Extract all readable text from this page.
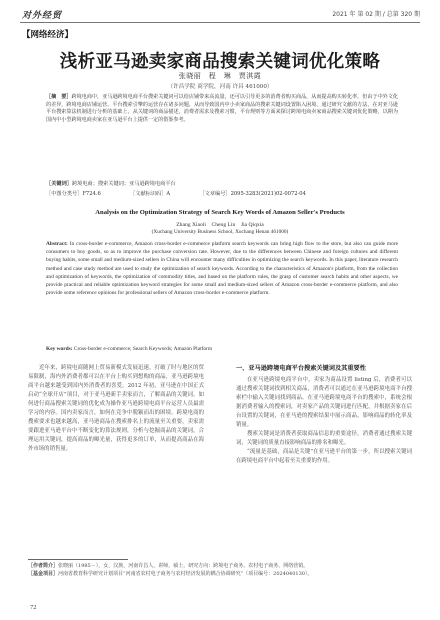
对外经贸	2021 年 第 02 期 / 总第 320 期
【网络经济】
浅析亚马逊卖家商品搜索关键词优化策略
张晓丽　程　琳　贾淇霞
（许昌学院 商学院，河南 许昌 461000）
［摘　要］跨境电商中，亚马逊跨境电商平台搜索关键词可以给店铺带来高流量，还可以引导更多的消费者购买商品，从而提高购买转化率，但由于中外文化的差异，跨境电商店铺运营、平台搜索引擎的运营存在诸多问题，从而导致国内中小卖家商品的搜索关键词设置陷入困境。通过研究文献的方法，在对亚马逊平台搜索算法机制进行分析的基础上，从关键词的商品描述，消费者需求及搜索习惯，平台规则等方面来探讨跨境电商卖家商品搜索关键词优化策略，以期为国内中小型跨境电商卖家在亚马逊平台上提供一定的借鉴参考。
［关键词］跨境电商；搜索关键词；亚马逊跨境电商平台
［中图分类号］F724.6	［文献标识码］A	［文章编号］2095-3283(2021)02-0072-04
Analysis on the Optimization Strategy of Search Key Words of Amazon Seller's Products
Zhang Xiaoli　Cheng Lin　Jia Qiqxia
(Xuchang University Business School, Xuchang Henan 461000)
Abstract: In cross-border e-commerce, Amazon cross-border e-commerce platform search keywords can bring high flow to the store, but also can guide more consumers to buy goods, so as to improve the purchase conversion rate. However, due to the differences between Chinese and foreign cultures and different buying habits, some small and medium-sized sellers in China will encounter many difficulties in optimizing the search keywords. In this paper, literature research method and case study method are used to study the optimization of search keywords. According to the characteristics of Amazon's platform, from the collection and optimization of keywords, the optimization of commodity titles, and based on the platform rules, the grasp of customer search habits and other aspects, we provide practical and reliable optimization keyword strategies for some small and medium-sized sellers of Amazon cross-border e-commerce platform, and also provide some reference opinions for professional sellers of Amazon cross-border e-commerce platform.
Key words: Cross-border e-commerce; Search Keywords; Amazon Platform

近年来，跨境电商随网上贸易新模式发展迅速，打破了时与地区的贸易限制，海内外消费者都可以在平台上购买到想购的商品，亚马逊跨境电商平台越来越受到国内外消费者的喜爱。2012 年初，亚马逊在中国正式启动“全球开店”项目，对于亚马逊新手卖家而言，了解商品的关键词，如何进行商品搜索关键词的优化成为操作亚马逊跨境电商平台运营人员最需学习的内容。国内卖家而言，如何在竞争中脱颖而出的困境，跨境电商的搜索要求也越来越高，亚马逊商品在搜索排名上的流量至关重要，卖家需要跟进亚马逊平台中不断变化的算法规则，分析与挖掘商品的关键词，合理运用关键词，提高商品的曝光量，获得更多的订单，从而提高商品在海外市场的销售量。

一、亚马逊跨境电商平台搜索关键词及其重要性

在亚马逊跨境电商平台中，卖家为商品设置 listing 后，消费者可以通过搜索关键词找到相关商品，消费者可以通过在亚马逊跨境电商平台搜索栏中输入关键词找到商品。在亚马逊跨境电商平台的搜索中，系统会根据消费者输入的搜索词，对卖家产品的关键词进行匹配，并根据卖家在后台设置的关键词，在亚马逊的搜索结果中展示商品，影响商品的转化率及销量。

搜索关键词是消费者获取商品信息的重要途径，消费者通过搜索关键词，关键词的质量直接影响商品的排名和曝光。

“流量是基础，商品是关键”在亚马逊平台的第一步，所以搜索关键词在跨境电商平台中起着至关重要的作用。

［作者简介］张晓丽（1985－），女，汉族，河南许昌人，讲师，硕士，研究方向：跨境电子商务、农村电子商务、网络营销。

［基金项目］河南省教育科学研究计划项目“河南省农村电子商务与农村经济发展的耦合协调研究”（项目编号：2024040130）。

72
